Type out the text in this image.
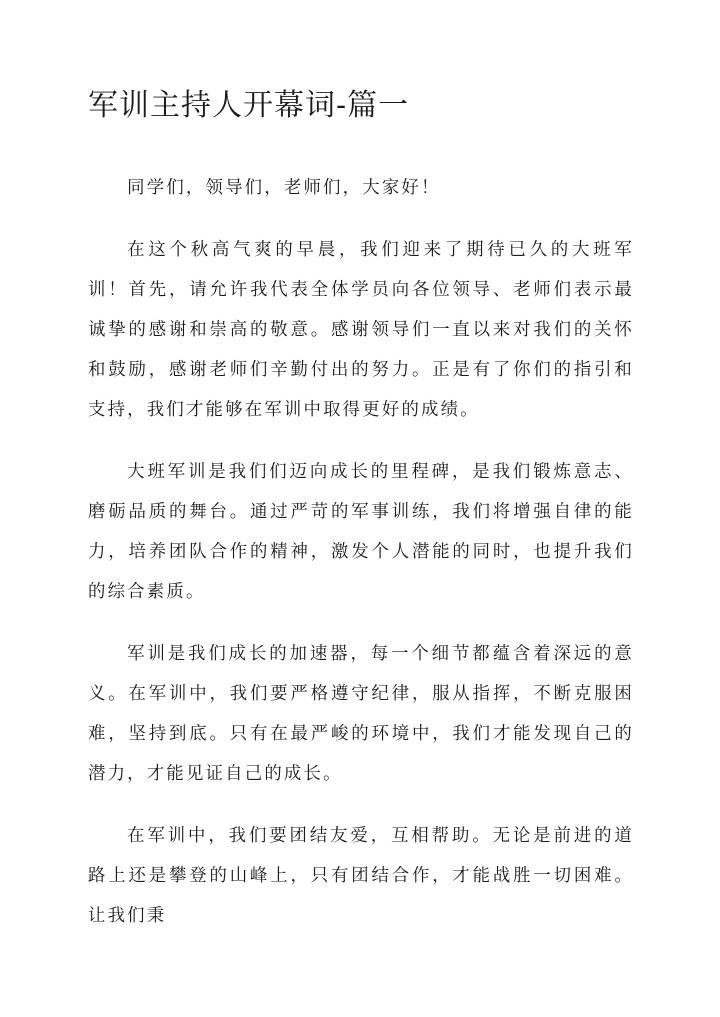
军训主持人开幕词-篇一

同学们，领导们，老师们，大家好！

在这个秋高气爽的早晨，我们迎来了期待已久的大班军训！首先，请允许我代表全体学员向各位领导、老师们表示最诚挚的感谢和崇高的敬意。感谢领导们一直以来对我们的关怀和鼓励，感谢老师们辛勤付出的努力。正是有了你们的指引和支持，我们才能够在军训中取得更好的成绩。

大班军训是我们们迈向成长的里程碑，是我们锻炼意志、磨砺品质的舞台。通过严苛的军事训练，我们将增强自律的能力，培养团队合作的精神，激发个人潜能的同时，也提升我们的综合素质。

军训是我们成长的加速器，每一个细节都蕴含着深远的意义。在军训中，我们要严格遵守纪律，服从指挥，不断克服困难，坚持到底。只有在最严峻的环境中，我们才能发现自己的潜力，才能见证自己的成长。

在军训中，我们要团结友爱，互相帮助。无论是前进的道路上还是攀登的山峰上，只有团结合作，才能战胜一切困难。让我们秉
